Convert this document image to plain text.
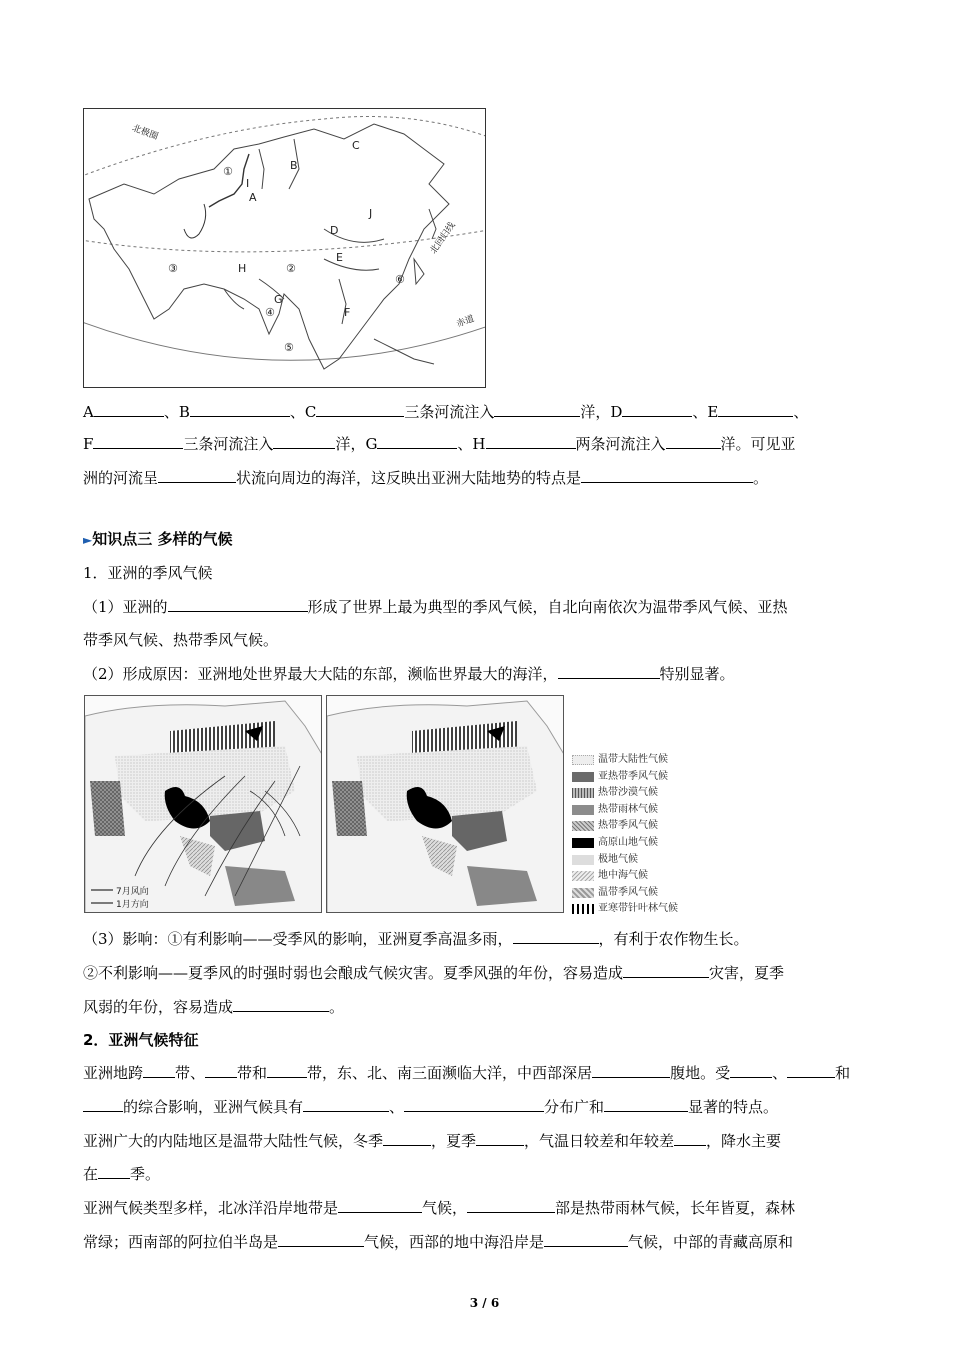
北极圈
北回归线
赤道
B
C
I
A
①
D
J
E
③	H	②
⑥
G
④	F
⑤
A	、B	、C	三条河流注入	洋，D	、E	、
F	三条河流注入	洋，G	、H	两条河流注入	洋。可见亚
洲的河流呈	状流向周边的海洋，这反映出亚洲大陆地势的特点是	。
►知识点三 多样的气候
1．亚洲的季风气候
（1）亚洲的	形成了世界上最为典型的季风气候，自北向南依次为温带季风气候、亚热
带季风气候、热带季风气候。
（2）形成原因：亚洲地处世界最大大陆的东部，濒临世界最大的海洋，	特别显著。
7月风向
1月方向
温带大陆性气候
亚热带季风气候
热带沙漠气候
热带雨林气候
热带季风气候
高原山地气候
极地气候
地中海气候
温带季风气候
亚寒带针叶林气候
（3）影响：①有利影响——受季风的影响，亚洲夏季高温多雨，	，有利于农作物生长。
②不利影响——夏季风的时强时弱也会酿成气候灾害。夏季风强的年份，容易造成	灾害，夏季
风弱的年份，容易造成	。
2．亚洲气候特征
亚洲地跨 带、 带和	带，东、北、南三面濒临大洋，中西部深居	腹地。受	、	和
的综合影响，亚洲气候具有	、	分布广和	显著的特点。
亚洲广大的内陆地区是温带大陆性气候，冬季	，夏季	，气温日较差和年较差 ，降水主要
在 季。
亚洲气候类型多样，北冰洋沿岸地带是	气候，	部是热带雨林气候，长年皆夏，森林
常绿；西南部的阿拉伯半岛是	气候，西部的地中海沿岸是	气候，中部的青藏高原和
3 / 6
